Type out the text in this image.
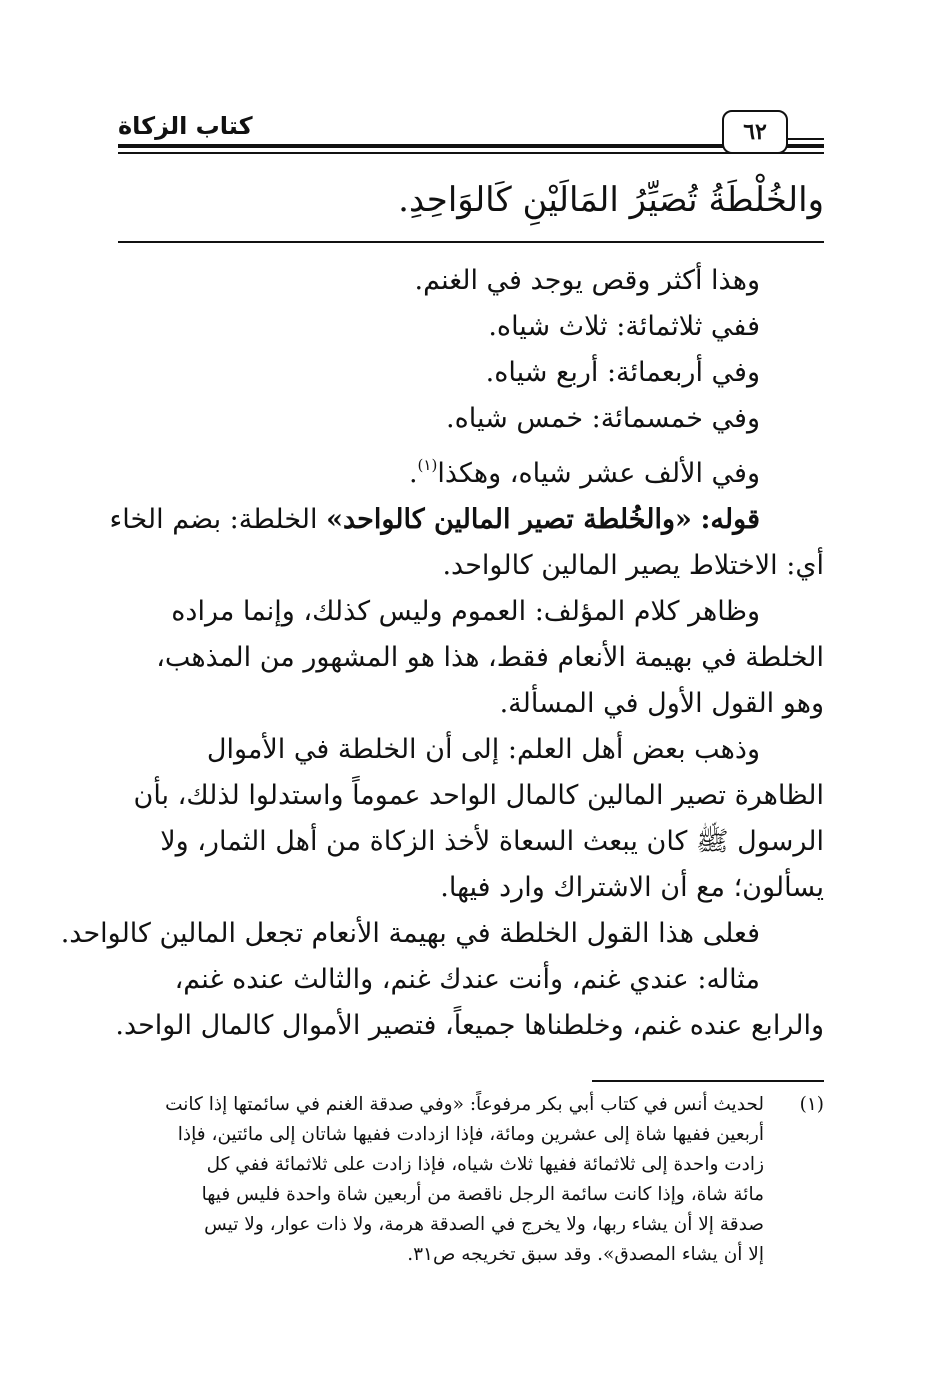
كتاب الزكاة	٦٢
والخُلْطَةُ تُصَيِّرُ المَالَيْنِ كَالوَاحِدِ.
وهذا أكثر وقص يوجد في الغنم.
ففي ثلاثمائة: ثلاث شياه.
وفي أربعمائة: أربع شياه.
وفي خمسمائة: خمس شياه.
وفي الألف عشر شياه، وهكذا$^{(١)}$.
قوله: «والخُلطة تصير المالين كالواحد» الخلطة: بضم الخاء
أي: الاختلاط يصير المالين كالواحد.
وظاهر كلام المؤلف: العموم وليس كذلك، وإنما مراده
الخلطة في بهيمة الأنعام فقط، هذا هو المشهور من المذهب،
وهو القول الأول في المسألة.
وذهب بعض أهل العلم: إلى أن الخلطة في الأموال
الظاهرة تصير المالين كالمال الواحد عموماً واستدلوا لذلك، بأن
الرسول ﷺ كان يبعث السعاة لأخذ الزكاة من أهل الثمار، ولا
يسألون؛ مع أن الاشتراك وارد فيها.
فعلى هذا القول الخلطة في بهيمة الأنعام تجعل المالين كالواحد.
مثاله: عندي غنم، وأنت عندك غنم، والثالث عنده غنم،
والرابع عنده غنم، وخلطناها جميعاً، فتصير الأموال كالمال الواحد.
(١)
لحديث أنس في كتاب أبي بكر مرفوعاً: «وفي صدقة الغنم في سائمتها إذا كانت
أربعين ففيها شاة إلى عشرين ومائة، فإذا ازدادت ففيها شاتان إلى مائتين، فإذا
زادت واحدة إلى ثلاثمائة ففيها ثلاث شياه، فإذا زادت على ثلاثمائة ففي كل
مائة شاة، وإذا كانت سائمة الرجل ناقصة من أربعين شاة واحدة فليس فيها
صدقة إلا أن يشاء ربها، ولا يخرج في الصدقة هرمة، ولا ذات عوار، ولا تيس
إلا أن يشاء المصدق». وقد سبق تخريجه ص٣١.
